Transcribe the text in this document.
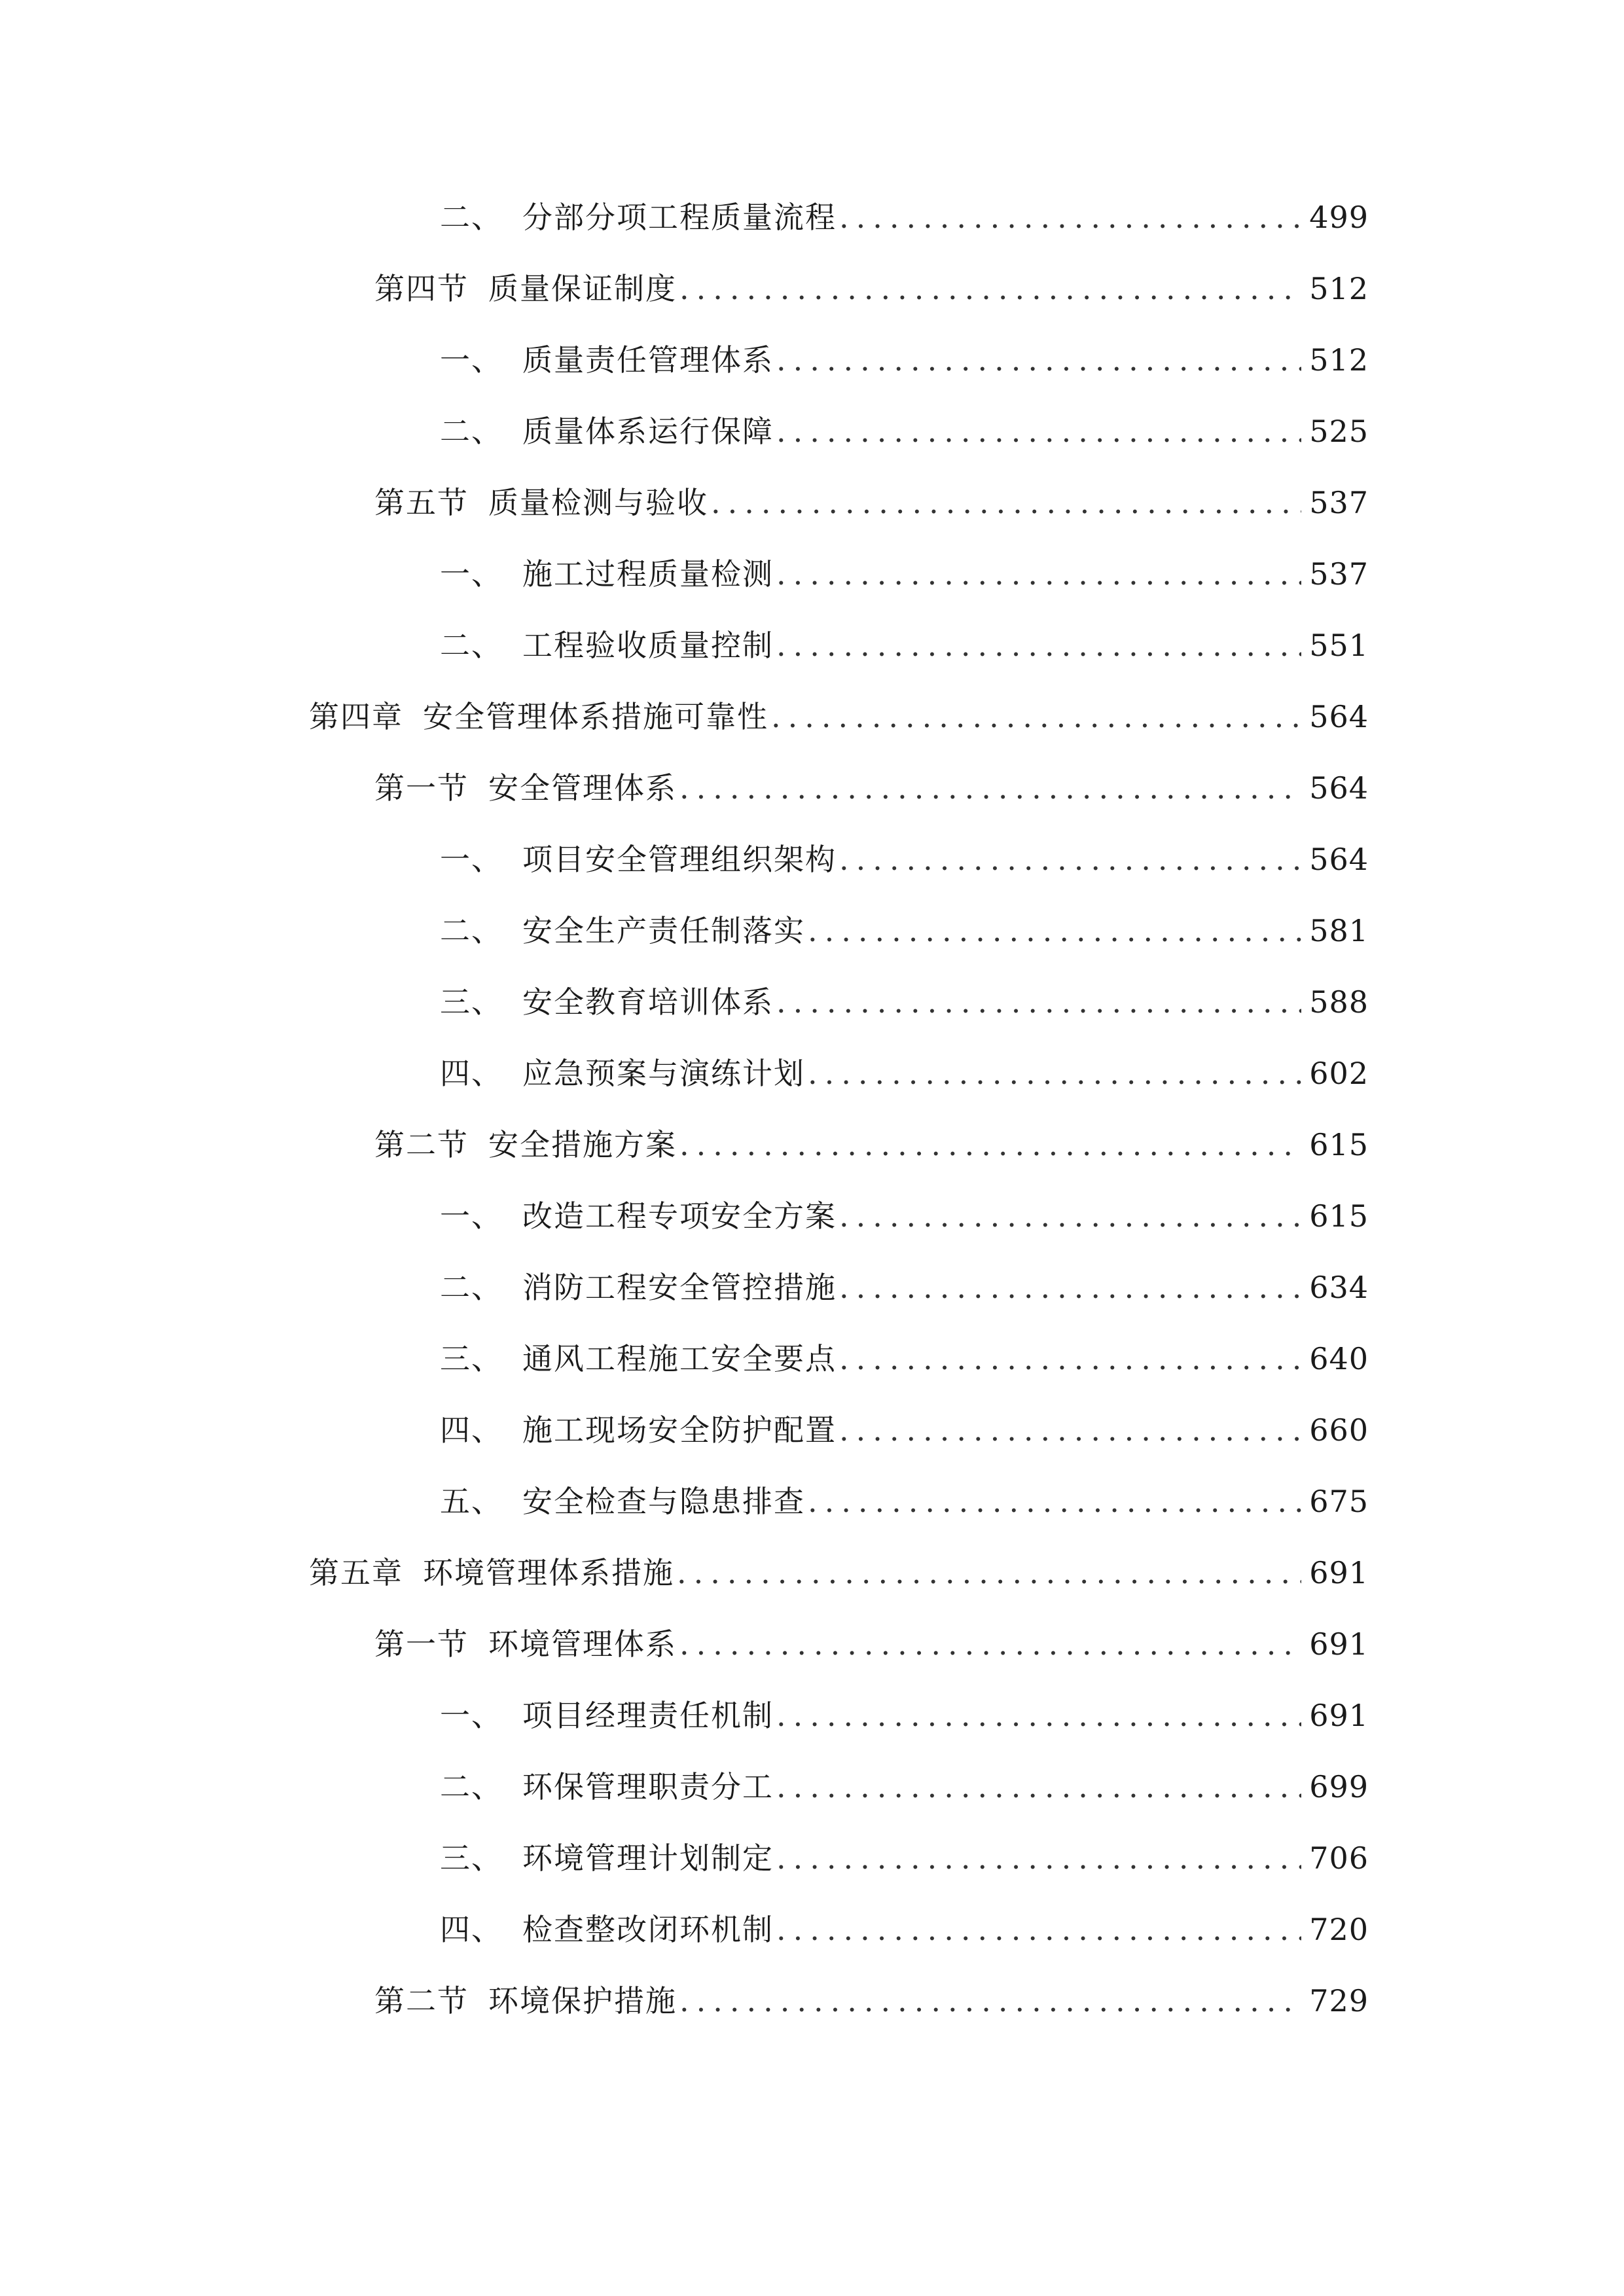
二、 分部分项工程质量流程 .....	499
第四节 质量保证制度 .....	512
一、 质量责任管理体系 .....	512
二、 质量体系运行保障 .....	525
第五节 质量检测与验收 .....	537
一、 施工过程质量检测 .....	537
二、 工程验收质量控制 .....	551
第四章 安全管理体系措施可靠性 .....	564
第一节 安全管理体系 .....	564
一、 项目安全管理组织架构 .....	564
二、 安全生产责任制落实 .....	581
三、 安全教育培训体系 .....	588
四、 应急预案与演练计划 .....	602
第二节 安全措施方案 .....	615
一、 改造工程专项安全方案 .....	615
二、 消防工程安全管控措施 .....	634
三、 通风工程施工安全要点 .....	640
四、 施工现场安全防护配置 .....	660
五、 安全检查与隐患排查 .....	675
第五章 环境管理体系措施 .....	691
第一节 环境管理体系 .....	691
一、 项目经理责任机制 .....	691
二、 环保管理职责分工 .....	699
三、 环境管理计划制定 .....	706
四、 检查整改闭环机制 .....	720
第二节 环境保护措施 .....	729
